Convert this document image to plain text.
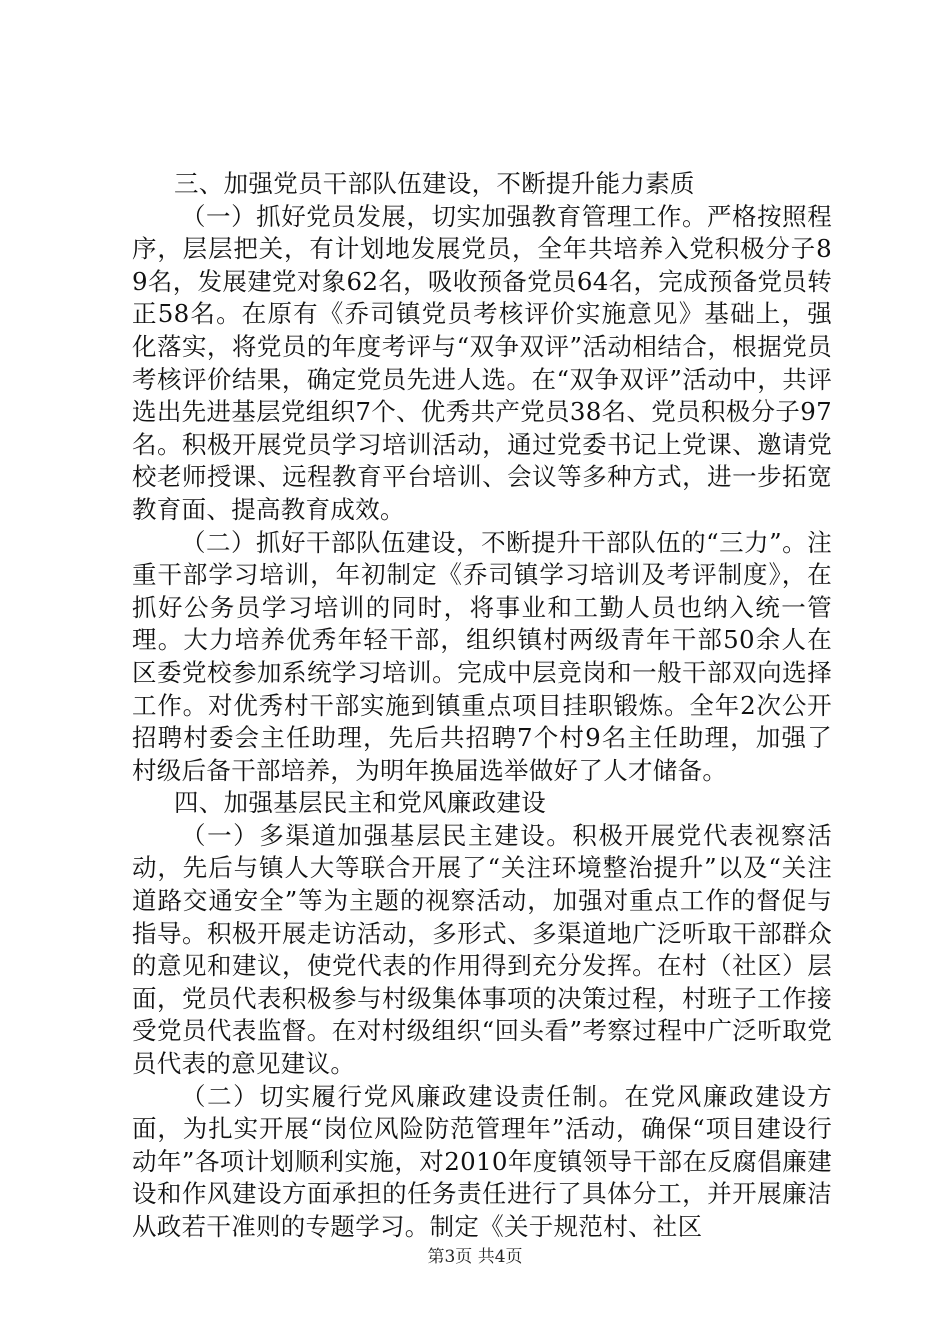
三、加强党员干部队伍建设，不断提升能力素质

（一）抓好党员发展，切实加强教育管理工作。严格按照程序，层层把关，有计划地发展党员，全年共培养入党积极分子89名，发展建党对象62名，吸收预备党员64名，完成预备党员转正58名。在原有《乔司镇党员考核评价实施意见》基础上，强化落实，将党员的年度考评与“双争双评”活动相结合，根据党员考核评价结果，确定党员先进人选。在“双争双评”活动中，共评选出先进基层党组织7个、优秀共产党员38名、党员积极分子97名。积极开展党员学习培训活动，通过党委书记上党课、邀请党校老师授课、远程教育平台培训、会议等多种方式，进一步拓宽教育面、提高教育成效。

（二）抓好干部队伍建设，不断提升干部队伍的“三力”。注重干部学习培训，年初制定《乔司镇学习培训及考评制度》，在抓好公务员学习培训的同时，将事业和工勤人员也纳入统一管理。大力培养优秀年轻干部，组织镇村两级青年干部50余人在区委党校参加系统学习培训。完成中层竞岗和一般干部双向选择工作。对优秀村干部实施到镇重点项目挂职锻炼。全年2次公开招聘村委会主任助理，先后共招聘7个村9名主任助理，加强了村级后备干部培养，为明年换届选举做好了人才储备。

四、加强基层民主和党风廉政建设

（一）多渠道加强基层民主建设。积极开展党代表视察活动，先后与镇人大等联合开展了“关注环境整治提升”以及“关注道路交通安全”等为主题的视察活动，加强对重点工作的督促与指导。积极开展走访活动，多形式、多渠道地广泛听取干部群众的意见和建议，使党代表的作用得到充分发挥。在村（社区）层面，党员代表积极参与村级集体事项的决策过程，村班子工作接受党员代表监督。在对村级组织“回头看”考察过程中广泛听取党员代表的意见建议。

（二）切实履行党风廉政建设责任制。在党风廉政建设方面，为扎实开展“岗位风险防范管理年”活动，确保“项目建设行动年”各项计划顺利实施，对2010年度镇领导干部在反腐倡廉建设和作风建设方面承担的任务责任进行了具体分工，并开展廉洁从政若干准则的专题学习。制定《关于规范村、社区

第3页 共4页
